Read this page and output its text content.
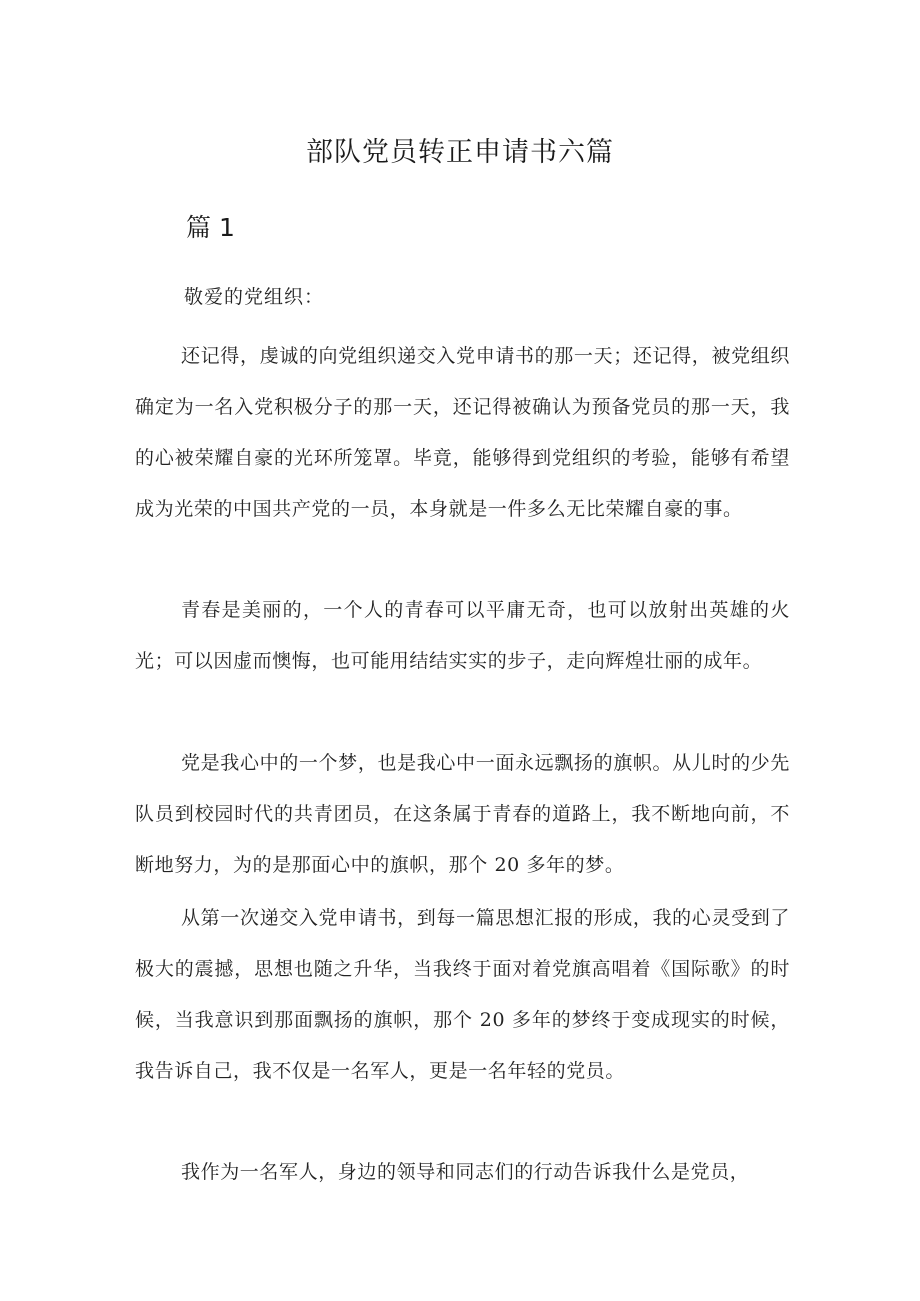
部队党员转正申请书六篇
篇 1
敬爱的党组织：

还记得，虔诚的向党组织递交入党申请书的那一天；还记得，被党组织确定为一名入党积极分子的那一天，还记得被确认为预备党员的那一天，我的心被荣耀自豪的光环所笼罩。毕竟，能够得到党组织的考验，能够有希望成为光荣的中国共产党的一员，本身就是一件多么无比荣耀自豪的事。

青春是美丽的，一个人的青春可以平庸无奇，也可以放射出英雄的火光；可以因虚而懊悔，也可能用结结实实的步子，走向辉煌壮丽的成年。

党是我心中的一个梦，也是我心中一面永远飘扬的旗帜。从儿时的少先队员到校园时代的共青团员，在这条属于青春的道路上，我不断地向前，不断地努力，为的是那面心中的旗帜，那个 20 多年的梦。

从第一次递交入党申请书，到每一篇思想汇报的形成，我的心灵受到了极大的震撼，思想也随之升华，当我终于面对着党旗高唱着《国际歌》的时候，当我意识到那面飘扬的旗帜，那个 20 多年的梦终于变成现实的时候，我告诉自己，我不仅是一名军人，更是一名年轻的党员。

我作为一名军人，身边的领导和同志们的行动告诉我什么是党员，
